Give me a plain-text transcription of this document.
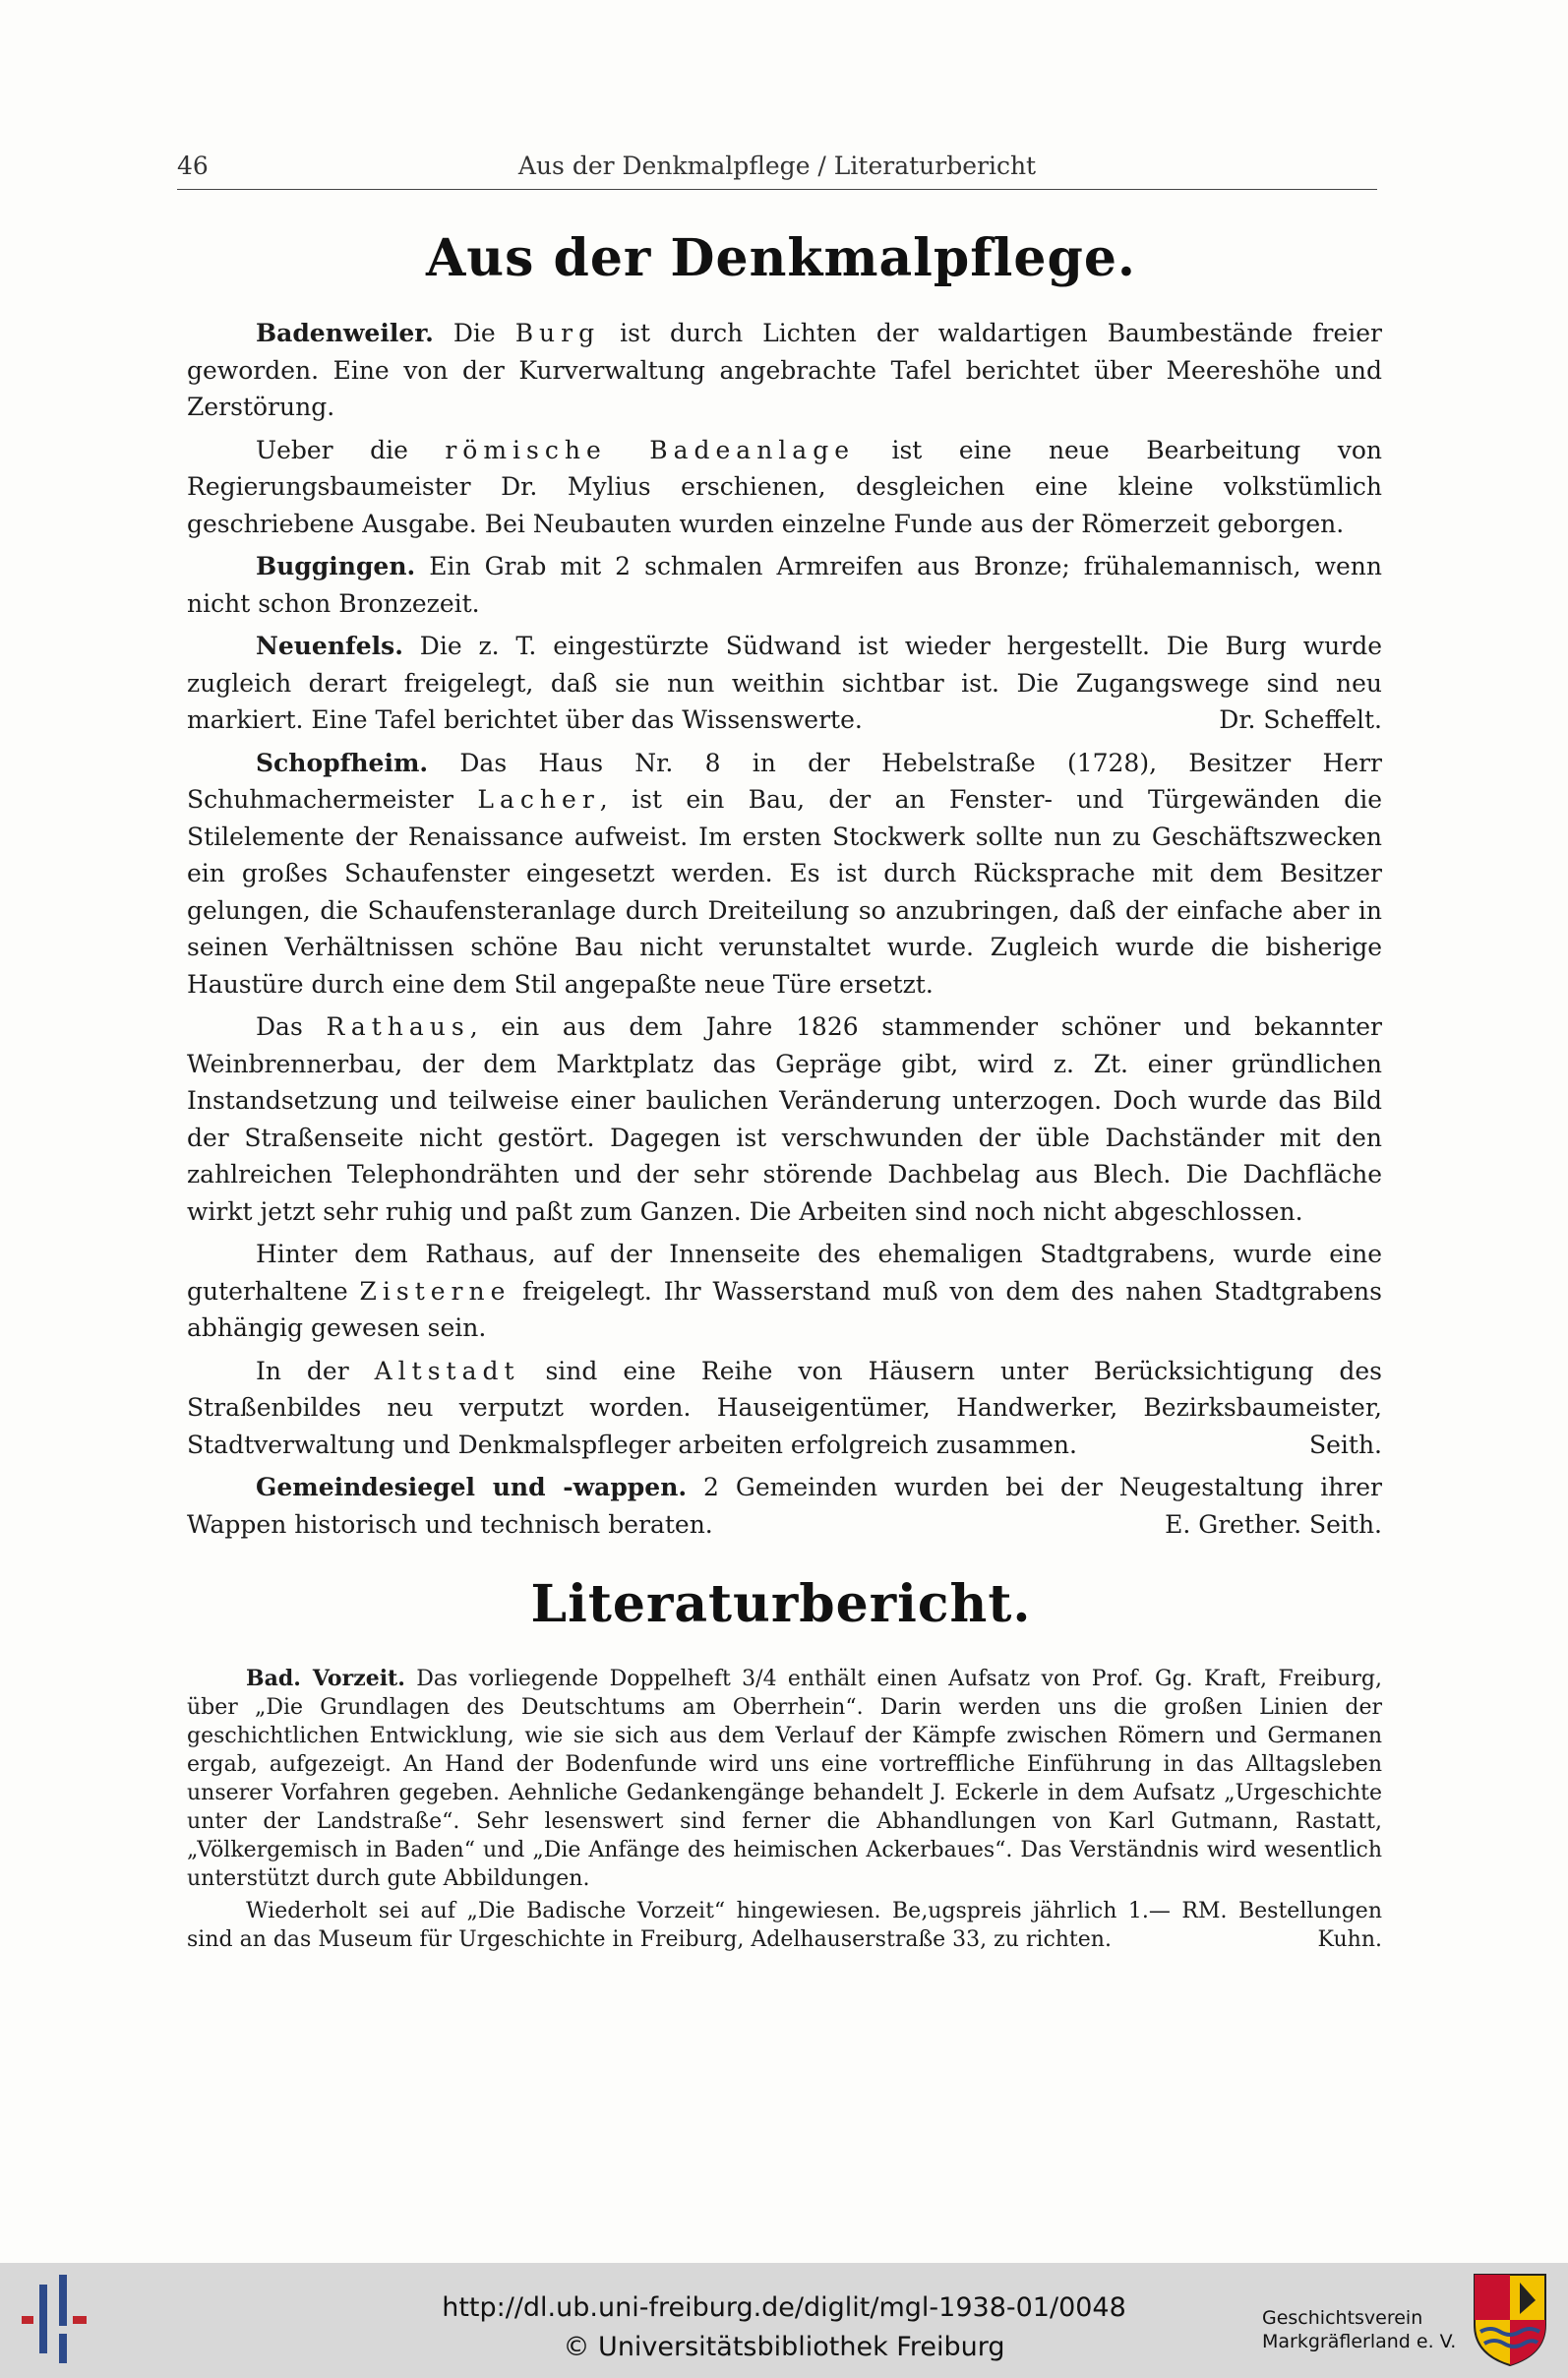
46	Aus der Denkmalpflege / Literaturbericht
Aus der Denkmalpflege.

Badenweiler. Die Burg ist durch Lichten der waldartigen Baumbestände freier geworden. Eine von der Kurverwaltung angebrachte Tafel berichtet über Meereshöhe und Zerstörung.

Ueber die römische Badeanlage ist eine neue Bearbeitung von Regierungsbaumeister Dr. Mylius erschienen, desgleichen eine kleine volkstümlich geschriebene Ausgabe. Bei Neubauten wurden einzelne Funde aus der Römerzeit geborgen.

Buggingen. Ein Grab mit 2 schmalen Armreifen aus Bronze; frühalemannisch, wenn nicht schon Bronzezeit.

Neuenfels. Die z. T. eingestürzte Südwand ist wieder hergestellt. Die Burg wurde zugleich derart freigelegt, daß sie nun weithin sichtbar ist. Die Zugangswege sind neu markiert. Eine Tafel berichtet über das Wissenswerte.	Dr. Scheffelt.

Schopfheim. Das Haus Nr. 8 in der Hebelstraße (1728), Besitzer Herr Schuhmachermeister Lacher, ist ein Bau, der an Fenster- und Türgewänden die Stilelemente der Renaissance aufweist. Im ersten Stockwerk sollte nun zu Geschäftszwecken ein großes Schaufenster eingesetzt werden. Es ist durch Rücksprache mit dem Besitzer gelungen, die Schaufensteranlage durch Dreiteilung so anzubringen, daß der einfache aber in seinen Verhältnissen schöne Bau nicht verunstaltet wurde. Zugleich wurde die bisherige Haustüre durch eine dem Stil angepaßte neue Türe ersetzt.

Das Rathaus, ein aus dem Jahre 1826 stammender schöner und bekannter Weinbrennerbau, der dem Marktplatz das Gepräge gibt, wird z. Zt. einer gründlichen Instandsetzung und teilweise einer baulichen Veränderung unterzogen. Doch wurde das Bild der Straßenseite nicht gestört. Dagegen ist verschwunden der üble Dachständer mit den zahlreichen Telephondrähten und der sehr störende Dachbelag aus Blech. Die Dachfläche wirkt jetzt sehr ruhig und paßt zum Ganzen. Die Arbeiten sind noch nicht abgeschlossen.

Hinter dem Rathaus, auf der Innenseite des ehemaligen Stadtgrabens, wurde eine guterhaltene Zisterne freigelegt. Ihr Wasserstand muß von dem des nahen Stadtgrabens abhängig gewesen sein.

In der Altstadt sind eine Reihe von Häusern unter Berücksichtigung des Straßenbildes neu verputzt worden. Hauseigentümer, Handwerker, Bezirksbaumeister, Stadtverwaltung und Denkmalspfleger arbeiten erfolgreich zusammen.	Seith.

Gemeindesiegel und -wappen. 2 Gemeinden wurden bei der Neugestaltung ihrer Wappen historisch und technisch beraten.	E. Grether. Seith.

Literaturbericht.

Bad. Vorzeit. Das vorliegende Doppelheft 3/4 enthält einen Aufsatz von Prof. Gg. Kraft, Freiburg, über „Die Grundlagen des Deutschtums am Oberrhein“. Darin werden uns die großen Linien der geschichtlichen Entwicklung, wie sie sich aus dem Verlauf der Kämpfe zwischen Römern und Germanen ergab, aufgezeigt. An Hand der Bodenfunde wird uns eine vortreffliche Einführung in das Alltagsleben unserer Vorfahren gegeben. Aehnliche Gedankengänge behandelt J. Eckerle in dem Aufsatz „Urgeschichte unter der Landstraße“. Sehr lesenswert sind ferner die Abhandlungen von Karl Gutmann, Rastatt, „Völkergemisch in Baden“ und „Die Anfänge des heimischen Ackerbaues“. Das Verständnis wird wesentlich unterstützt durch gute Abbildungen.

Wiederholt sei auf „Die Badische Vorzeit“ hingewiesen. Be‚ugspreis jährlich 1.— RM. Bestellungen sind an das Museum für Urgeschichte in Freiburg, Adelhauserstraße 33, zu richten.	Kuhn.

http://dl.ub.uni-freiburg.de/diglit/mgl-1938-01/0048
© Universitätsbibliothek Freiburg
Geschichtsverein
Markgräflerland e. V.
